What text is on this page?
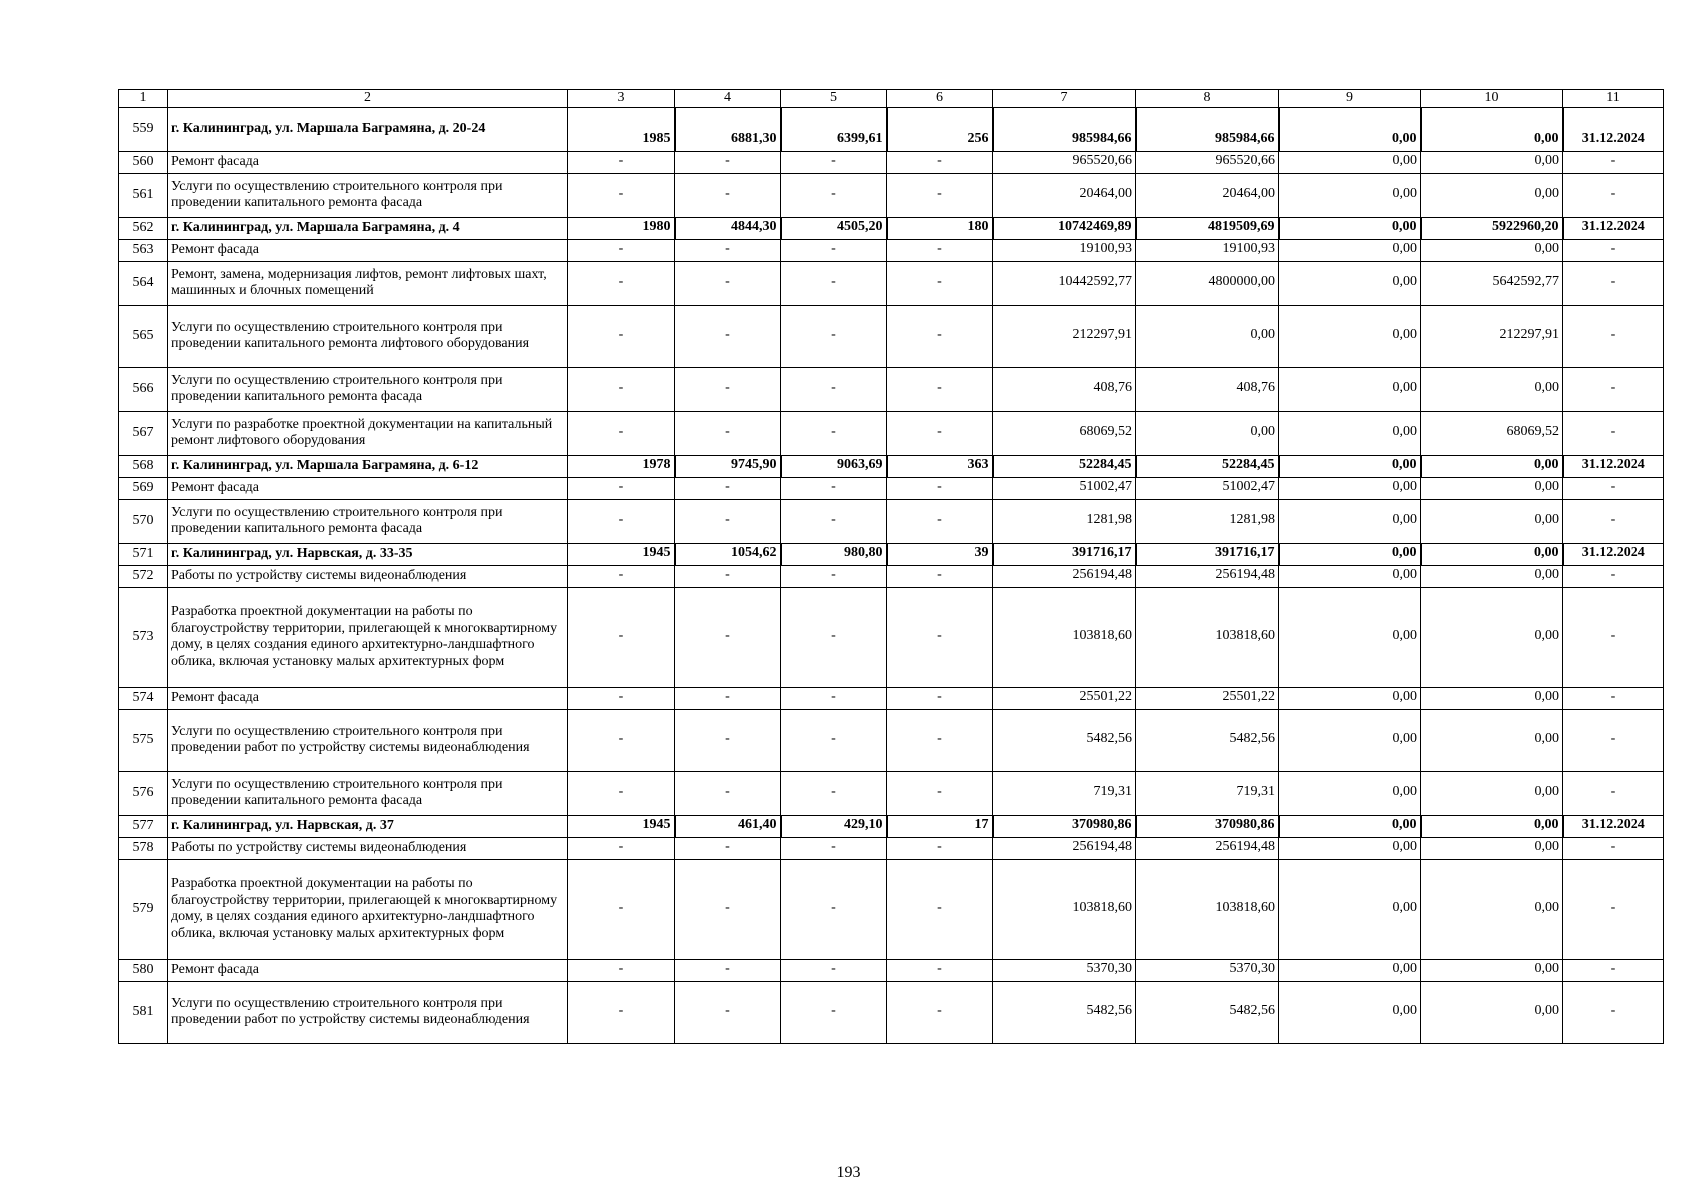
1	2	3	4	5	6	7	8	9	10	11
559	г. Калининград, ул. Маршала Баграмяна, д. 20-24	1985	6881,30	6399,61	256	985984,66	985984,66	0,00	0,00	31.12.2024
560	Ремонт фасада	-	-	-	-	965520,66	965520,66	0,00	0,00	-
561	Услуги по осуществлению строительного контроля при проведении капитального ремонта фасада	-	-	-	-	20464,00	20464,00	0,00	0,00	-
562	г. Калининград, ул. Маршала Баграмяна, д. 4	1980	4844,30	4505,20	180	10742469,89	4819509,69	0,00	5922960,20	31.12.2024
563	Ремонт фасада	-	-	-	-	19100,93	19100,93	0,00	0,00	-
564	Ремонт, замена, модернизация лифтов, ремонт лифтовых шахт, машинных и блочных помещений	-	-	-	-	10442592,77	4800000,00	0,00	5642592,77	-
565	Услуги по осуществлению строительного контроля при проведении капитального ремонта лифтового оборудования	-	-	-	-	212297,91	0,00	0,00	212297,91	-
566	Услуги по осуществлению строительного контроля при проведении капитального ремонта фасада	-	-	-	-	408,76	408,76	0,00	0,00	-
567	Услуги по разработке проектной документации на капитальный ремонт лифтового оборудования	-	-	-	-	68069,52	0,00	0,00	68069,52	-
568	г. Калининград, ул. Маршала Баграмяна, д. 6-12	1978	9745,90	9063,69	363	52284,45	52284,45	0,00	0,00	31.12.2024
569	Ремонт фасада	-	-	-	-	51002,47	51002,47	0,00	0,00	-
570	Услуги по осуществлению строительного контроля при проведении капитального ремонта фасада	-	-	-	-	1281,98	1281,98	0,00	0,00	-
571	г. Калининград, ул. Нарвская, д. 33-35	1945	1054,62	980,80	39	391716,17	391716,17	0,00	0,00	31.12.2024
572	Работы по устройству системы видеонаблюдения	-	-	-	-	256194,48	256194,48	0,00	0,00	-
573	Разработка проектной документации на работы по благоустройству территории, прилегающей к многоквартирному дому, в целях создания единого архитектурно-ландшафтного облика, включая установку малых архитектурных форм	-	-	-	-	103818,60	103818,60	0,00	0,00	-
574	Ремонт фасада	-	-	-	-	25501,22	25501,22	0,00	0,00	-
575	Услуги по осуществлению строительного контроля при проведении работ по устройству системы видеонаблюдения	-	-	-	-	5482,56	5482,56	0,00	0,00	-
576	Услуги по осуществлению строительного контроля при проведении капитального ремонта фасада	-	-	-	-	719,31	719,31	0,00	0,00	-
577	г. Калининград, ул. Нарвская, д. 37	1945	461,40	429,10	17	370980,86	370980,86	0,00	0,00	31.12.2024
578	Работы по устройству системы видеонаблюдения	-	-	-	-	256194,48	256194,48	0,00	0,00	-
579	Разработка проектной документации на работы по благоустройству территории, прилегающей к многоквартирному дому, в целях создания единого архитектурно-ландшафтного облика, включая установку малых архитектурных форм	-	-	-	-	103818,60	103818,60	0,00	0,00	-
580	Ремонт фасада	-	-	-	-	5370,30	5370,30	0,00	0,00	-
581	Услуги по осуществлению строительного контроля при проведении работ по устройству системы видеонаблюдения	-	-	-	-	5482,56	5482,56	0,00	0,00	-
193
